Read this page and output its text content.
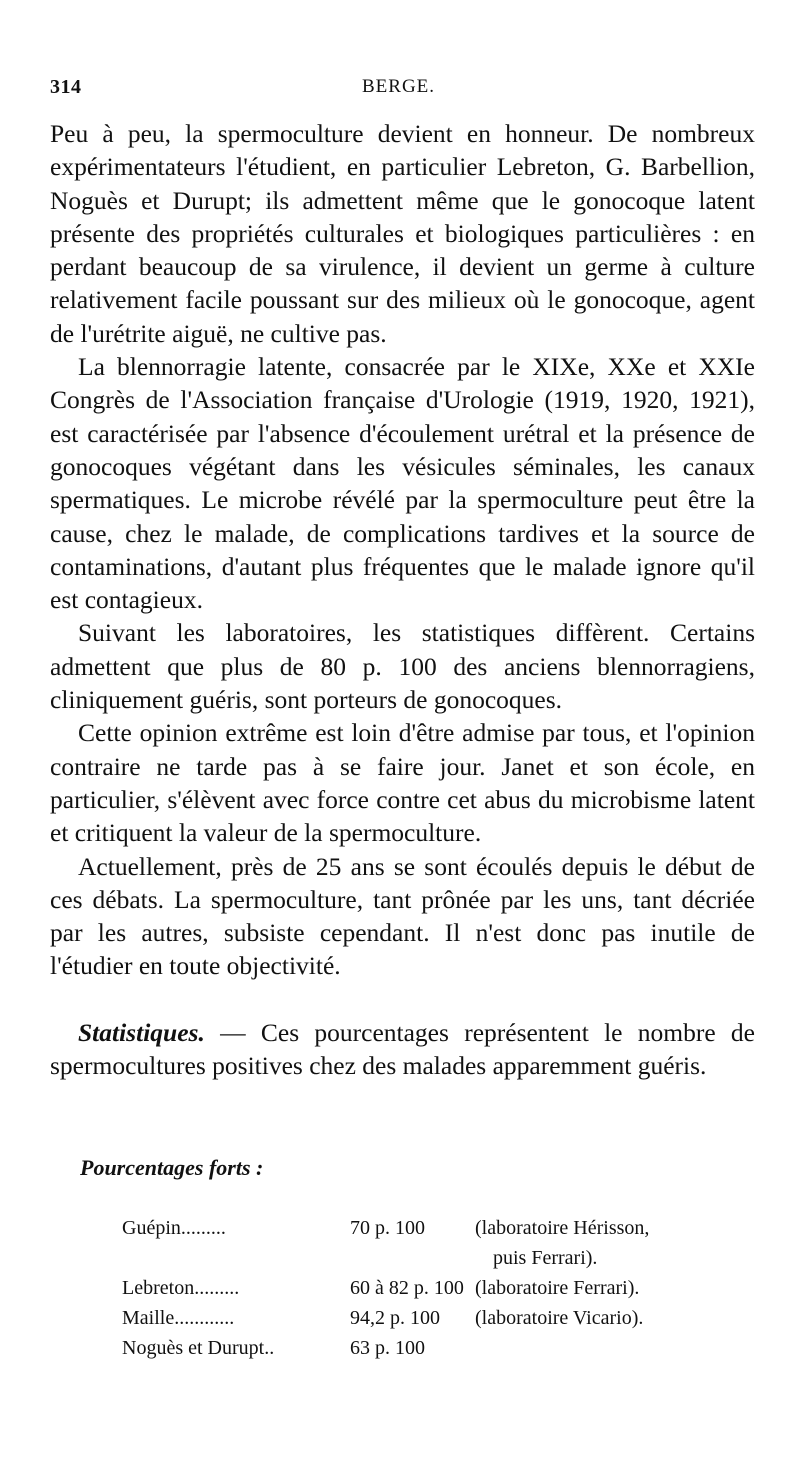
314	BERGE.

Peu à peu, la spermoculture devient en honneur. De nombreux expérimentateurs l'étudient, en particulier Lebreton, G. Barbellion, Noguès et Durupt; ils admettent même que le gonocoque latent présente des propriétés culturales et biologiques particulières : en perdant beaucoup de sa virulence, il devient un germe à culture relativement facile poussant sur des milieux où le gonocoque, agent de l'urétrite aiguë, ne cultive pas.

La blennorragie latente, consacrée par le XIXe, XXe et XXIe Congrès de l'Association française d'Urologie (1919, 1920, 1921), est caractérisée par l'absence d'écoulement urétral et la présence de gonocoques végétant dans les vésicules séminales, les canaux spermatiques. Le microbe révélé par la spermoculture peut être la cause, chez le malade, de complications tardives et la source de contaminations, d'autant plus fréquentes que le malade ignore qu'il est contagieux.

Suivant les laboratoires, les statistiques diffèrent. Certains admettent que plus de 80 p. 100 des anciens blennorragiens, cliniquement guéris, sont porteurs de gonocoques.

Cette opinion extrême est loin d'être admise par tous, et l'opinion contraire ne tarde pas à se faire jour. Janet et son école, en particulier, s'élèvent avec force contre cet abus du microbisme latent et critiquent la valeur de la spermoculture.

Actuellement, près de 25 ans se sont écoulés depuis le début de ces débats. La spermoculture, tant prônée par les uns, tant décriée par les autres, subsiste cependant. Il n'est donc pas inutile de l'étudier en toute objectivité.

Statistiques. — Ces pourcentages représentent le nombre de spermocultures positives chez des malades apparemment guéris.

Pourcentages forts :
Guépin.........	70 p. 100	(laboratoire Hérisson,
		puis Ferrari).
Lebreton.........	60 à 82 p. 100	(laboratoire Ferrari).
Maille............	94,2 p. 100	(laboratoire Vicario).
Noguès et Durupt..	63 p. 100	
